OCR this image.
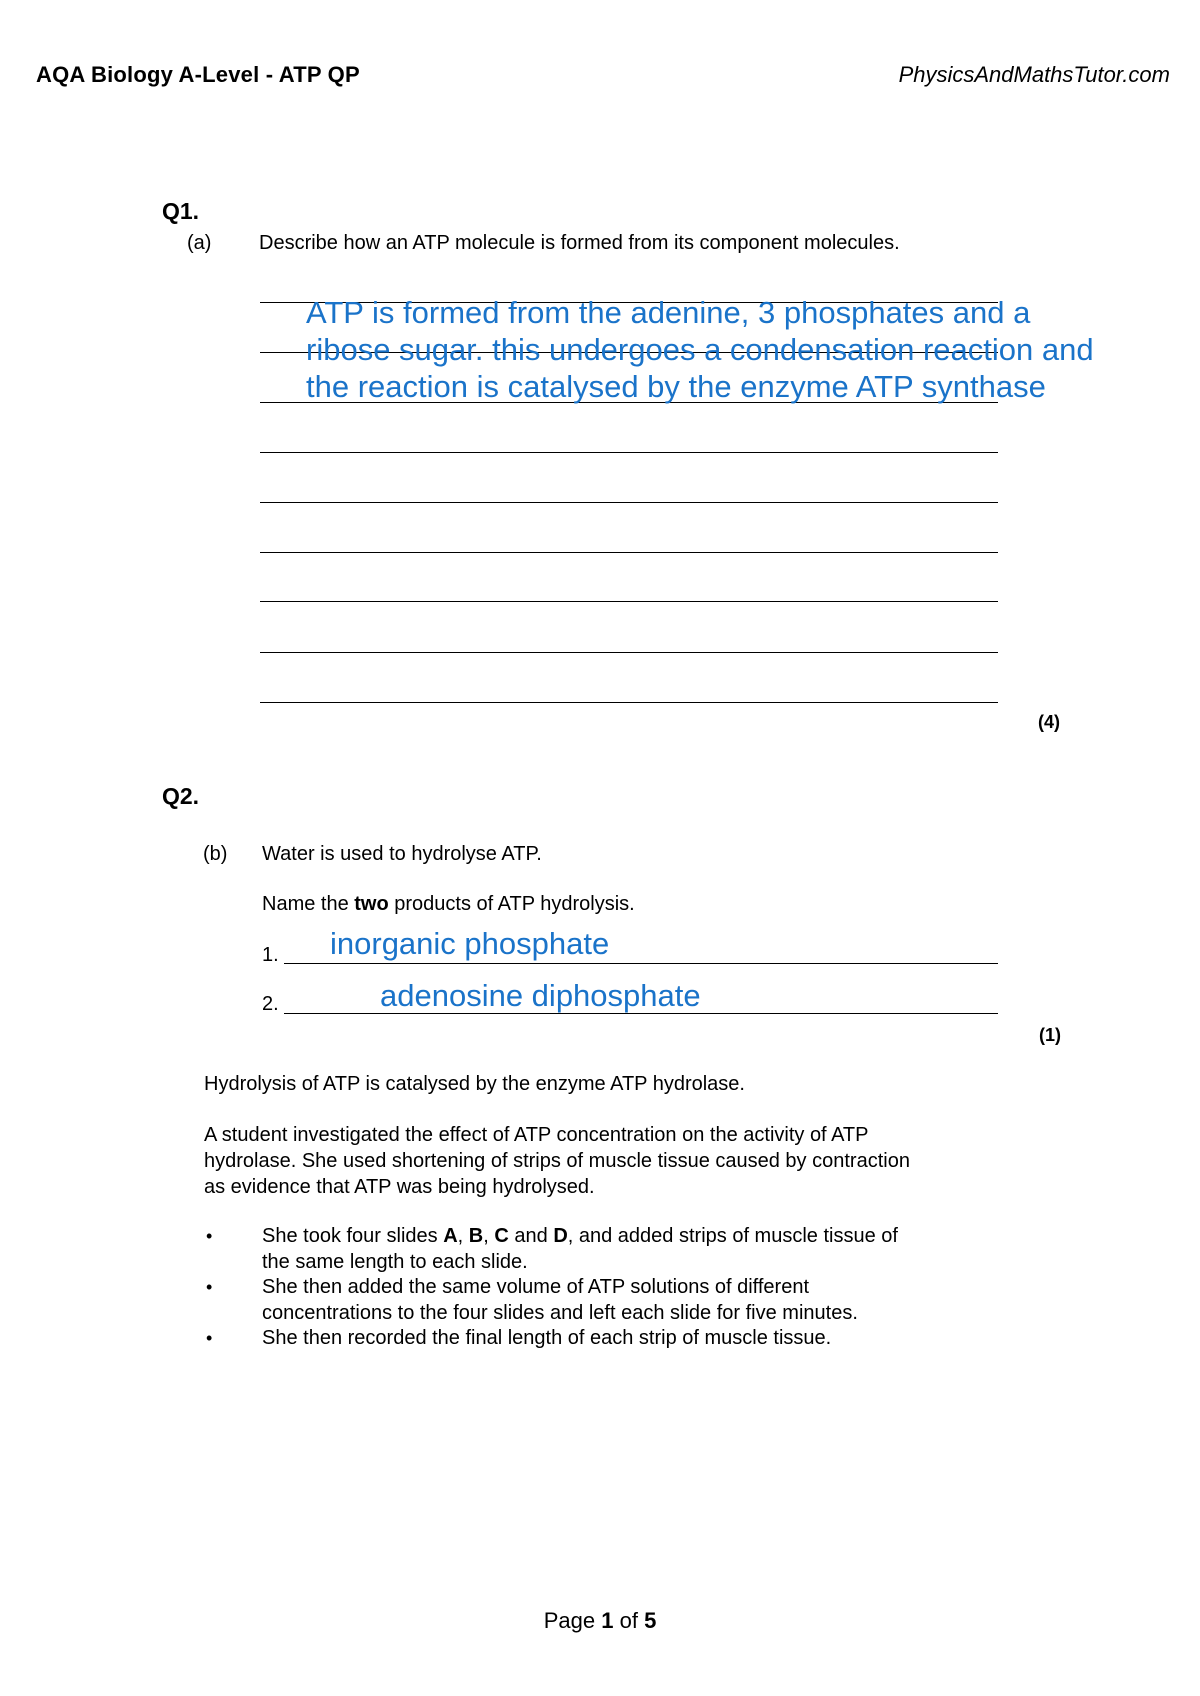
AQA Biology A-Level - ATP QP	PhysicsAndMathsTutor.com
Q1.
(a) Describe how an ATP molecule is formed from its component molecules.
ATP is formed from the adenine, 3 phosphates and a
ribose sugar. this undergoes a condensation reaction and
the reaction is catalysed by the enzyme ATP synthase
(4)
Q2.
(b) Water is used to hydrolyse ATP.
Name the two products of ATP hydrolysis.
1. inorganic phosphate
2.	adenosine diphosphate
(1)
Hydrolysis of ATP is catalysed by the enzyme ATP hydrolase.
A student investigated the effect of ATP concentration on the activity of ATP
hydrolase. She used shortening of strips of muscle tissue caused by contraction
as evidence that ATP was being hydrolysed.
• She took four slides A, B, C and D, and added strips of muscle tissue of
the same length to each slide.
• She then added the same volume of ATP solutions of different
concentrations to the four slides and left each slide for five minutes.
• She then recorded the final length of each strip of muscle tissue.
Page 1 of 5
